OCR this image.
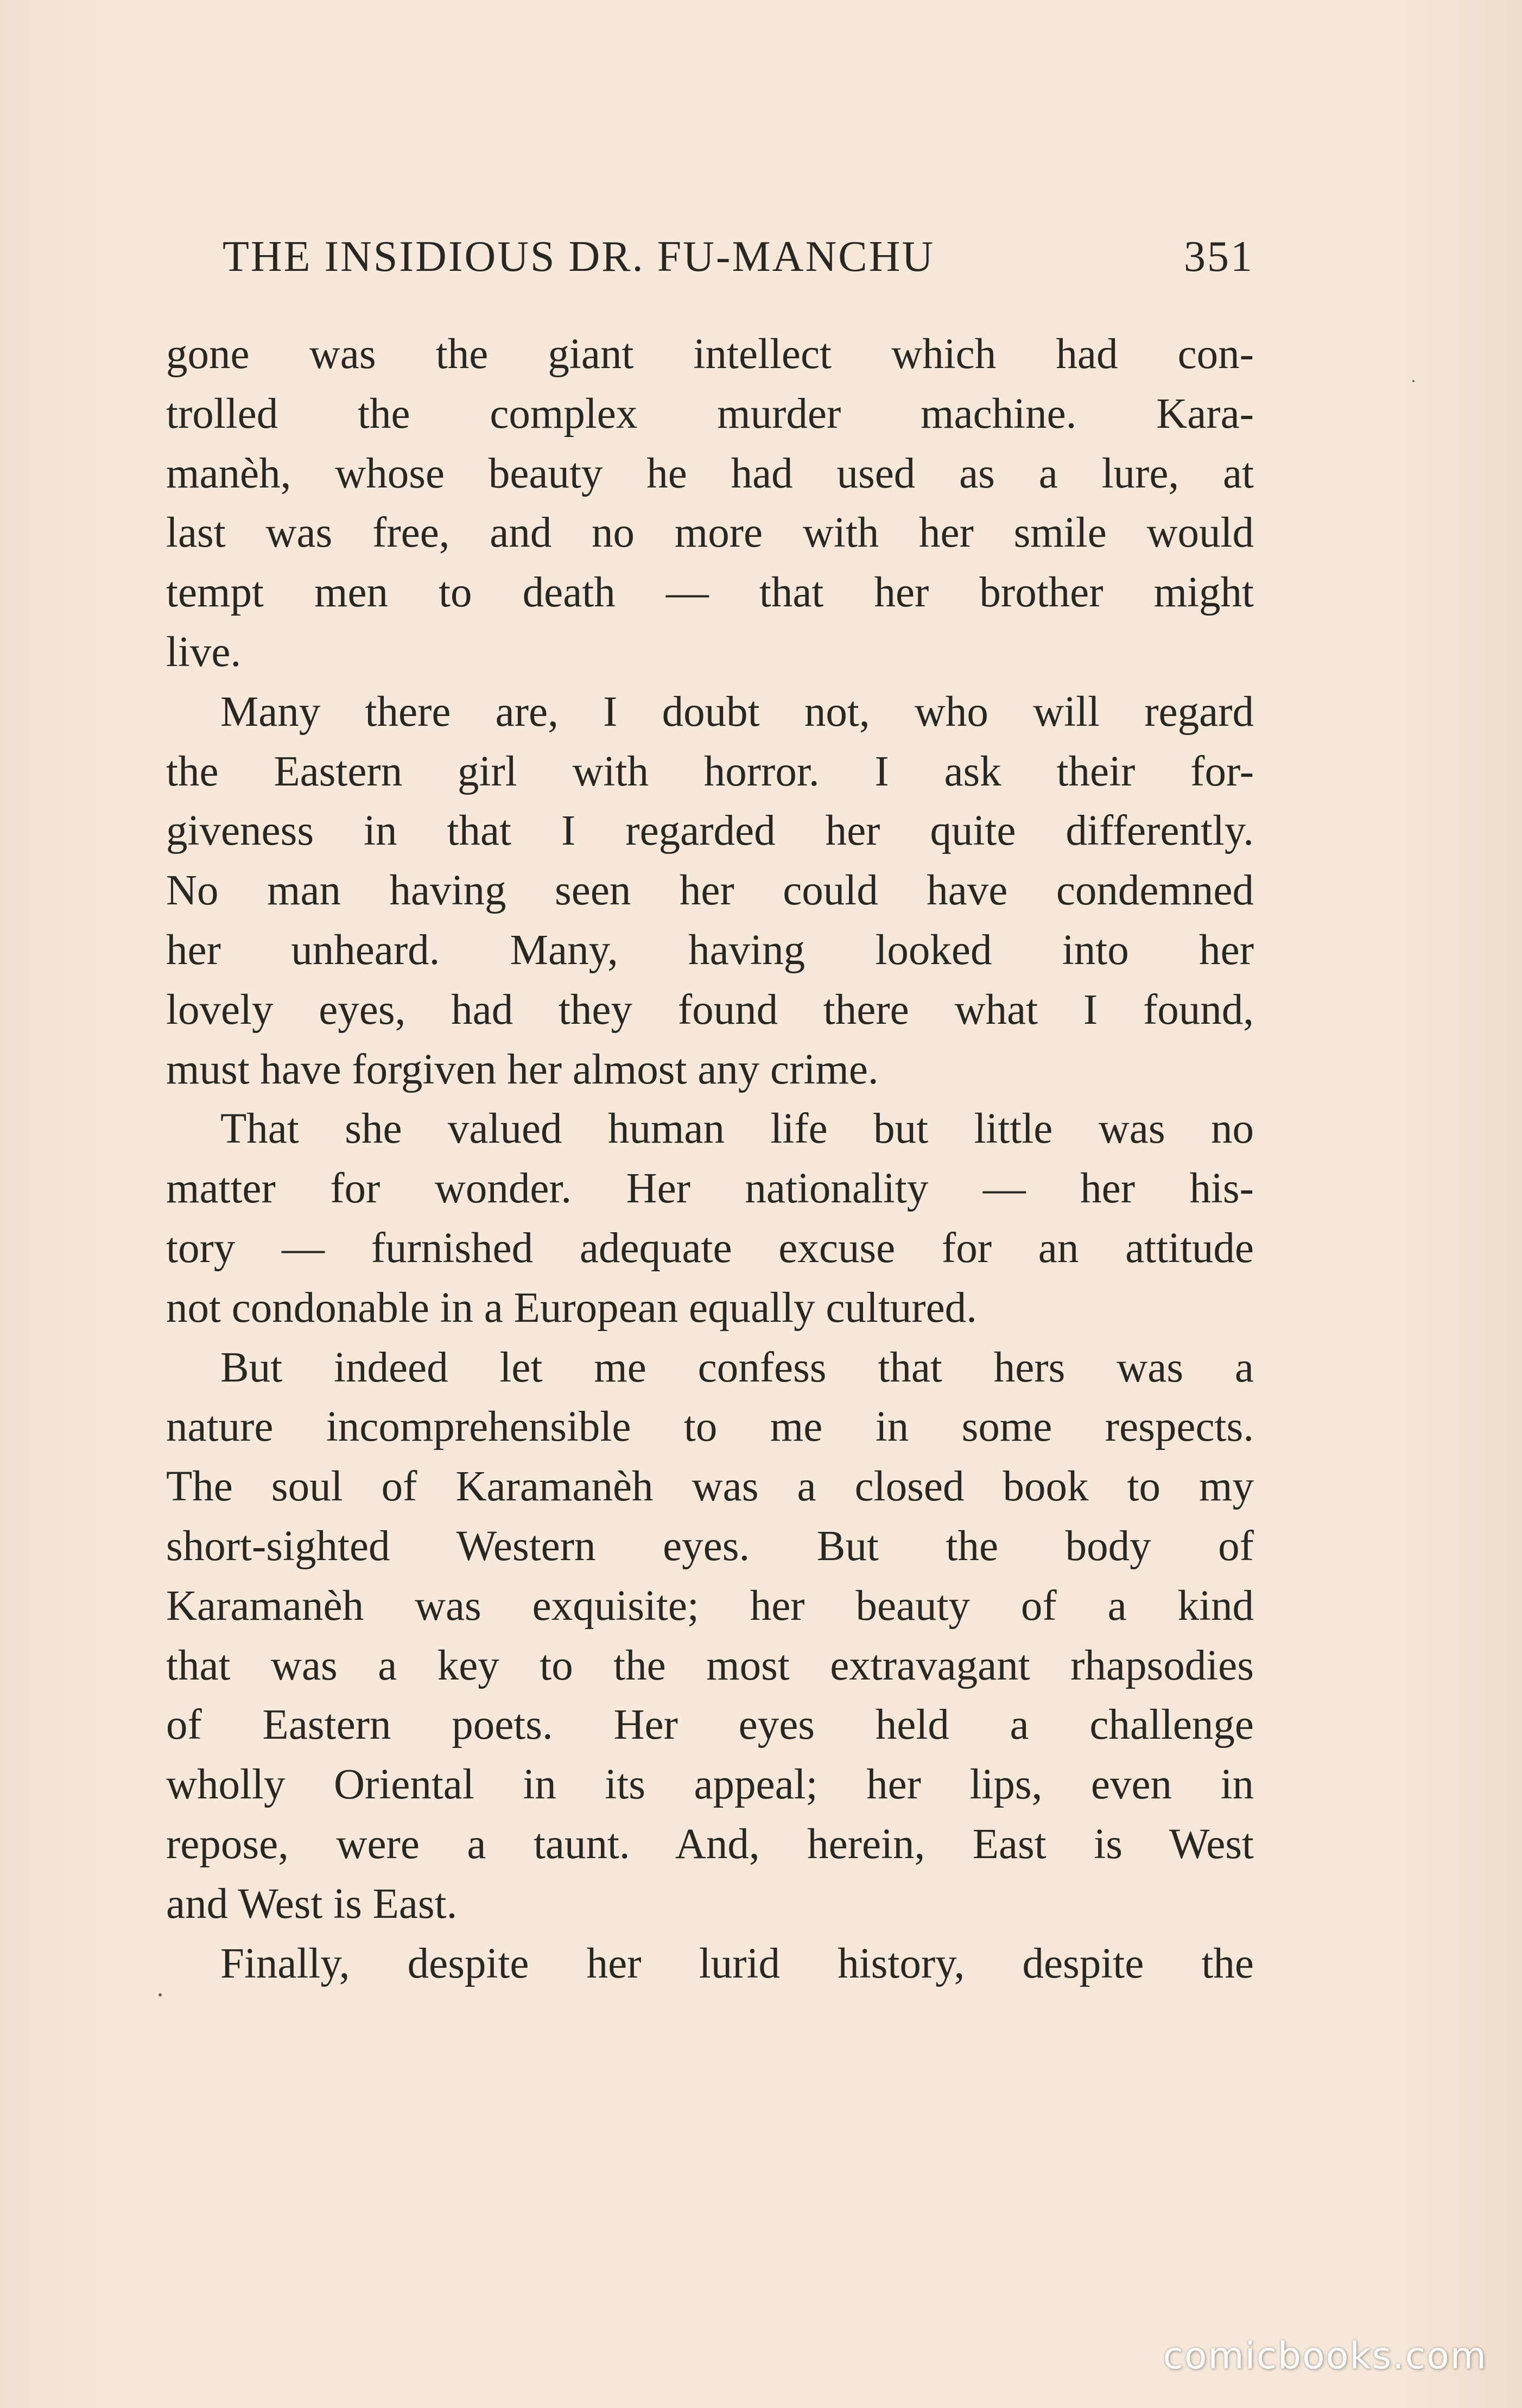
THE INSIDIOUS DR. FU-MANCHU	351
gone was the giant intellect which had con-
trolled the complex murder machine. Kara-
manèh, whose beauty he had used as a lure, at
last was free, and no more with her smile would
tempt men to death — that her brother might
live.
Many there are, I doubt not, who will regard
the Eastern girl with horror. I ask their for-
giveness in that I regarded her quite differently.
No man having seen her could have condemned
her unheard. Many, having looked into her
lovely eyes, had they found there what I found,
must have forgiven her almost any crime.
That she valued human life but little was no
matter for wonder. Her nationality — her his-
tory — furnished adequate excuse for an attitude
not condonable in a European equally cultured.
But indeed let me confess that hers was a
nature incomprehensible to me in some respects.
The soul of Karamanèh was a closed book to my
short-sighted Western eyes. But the body of
Karamanèh was exquisite; her beauty of a kind
that was a key to the most extravagant rhapsodies
of Eastern poets. Her eyes held a challenge
wholly Oriental in its appeal; her lips, even in
repose, were a taunt. And, herein, East is West
and West is East.
Finally, despite her lurid history, despite the
comicbooks.com
